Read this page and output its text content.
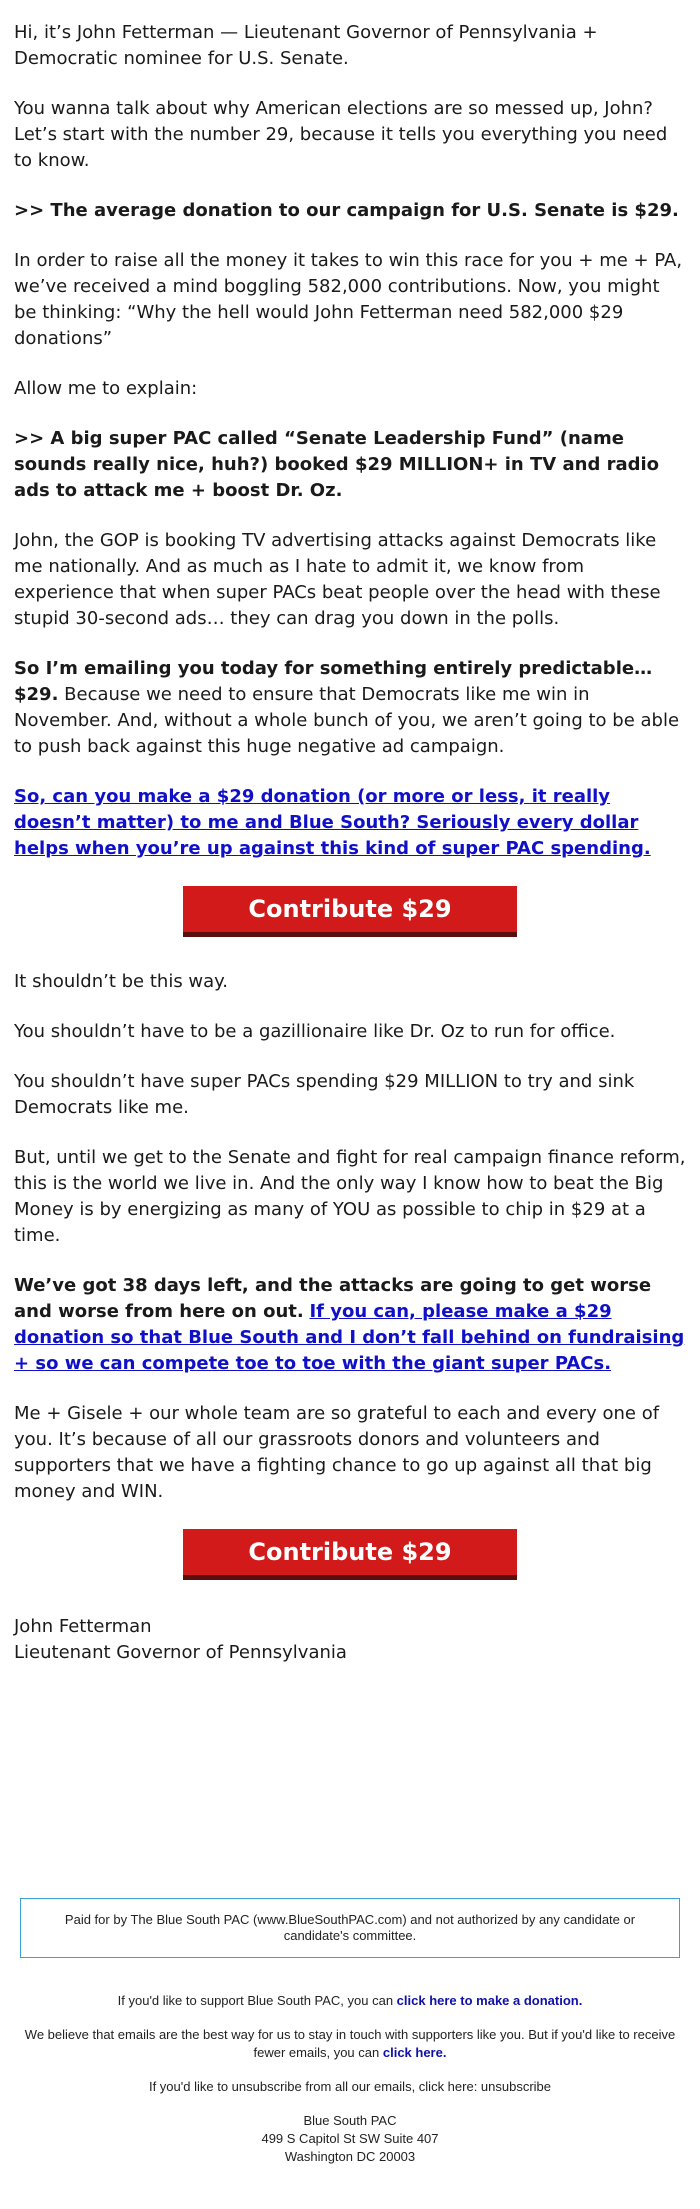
Hi, it’s John Fetterman — Lieutenant Governor of Pennsylvania + Democratic nominee for U.S. Senate.

You wanna talk about why American elections are so messed up, John? Let’s start with the number 29, because it tells you everything you need to know.

>> The average donation to our campaign for U.S. Senate is $29.

In order to raise all the money it takes to win this race for you + me + PA, we’ve received a mind boggling 582,000 contributions. Now, you might be thinking: “Why the hell would John Fetterman need 582,000 $29 donations”

Allow me to explain:

>> A big super PAC called “Senate Leadership Fund” (name sounds really nice, huh?) booked $29 MILLION+ in TV and radio ads to attack me + boost Dr. Oz.

John, the GOP is booking TV advertising attacks against Democrats like me nationally. And as much as I hate to admit it, we know from experience that when super PACs beat people over the head with these stupid 30-second ads… they can drag you down in the polls.

So I’m emailing you today for something entirely predictable… $29. Because we need to ensure that Democrats like me win in November. And, without a whole bunch of you, we aren’t going to be able to push back against this huge negative ad campaign.

So, can you make a $29 donation (or more or less, it really doesn’t matter) to me and Blue South? Seriously every dollar helps when you’re up against this kind of super PAC spending.

Contribute $29

It shouldn’t be this way.

You shouldn’t have to be a gazillionaire like Dr. Oz to run for office.

You shouldn’t have super PACs spending $29 MILLION to try and sink Democrats like me.

But, until we get to the Senate and fight for real campaign finance reform, this is the world we live in. And the only way I know how to beat the Big Money is by energizing as many of YOU as possible to chip in $29 at a time.

We’ve got 38 days left, and the attacks are going to get worse and worse from here on out. If you can, please make a $29 donation so that Blue South and I don’t fall behind on fundraising + so we can compete toe to toe with the giant super PACs.

Me + Gisele + our whole team are so grateful to each and every one of you. It’s because of all our grassroots donors and volunteers and supporters that we have a fighting chance to go up against all that big money and WIN.

Contribute $29
John Fetterman
Lieutenant Governor of Pennsylvania
Paid for by The Blue South PAC (www.BlueSouthPAC.com) and not authorized by any candidate or candidate's committee.

If you'd like to support Blue South PAC, you can click here to make a donation.

We believe that emails are the best way for us to stay in touch with supporters like you. But if you'd like to receive fewer emails, you can click here.

If you'd like to unsubscribe from all our emails, click here: unsubscribe

Blue South PAC
499 S Capitol St SW Suite 407
Washington DC 20003
